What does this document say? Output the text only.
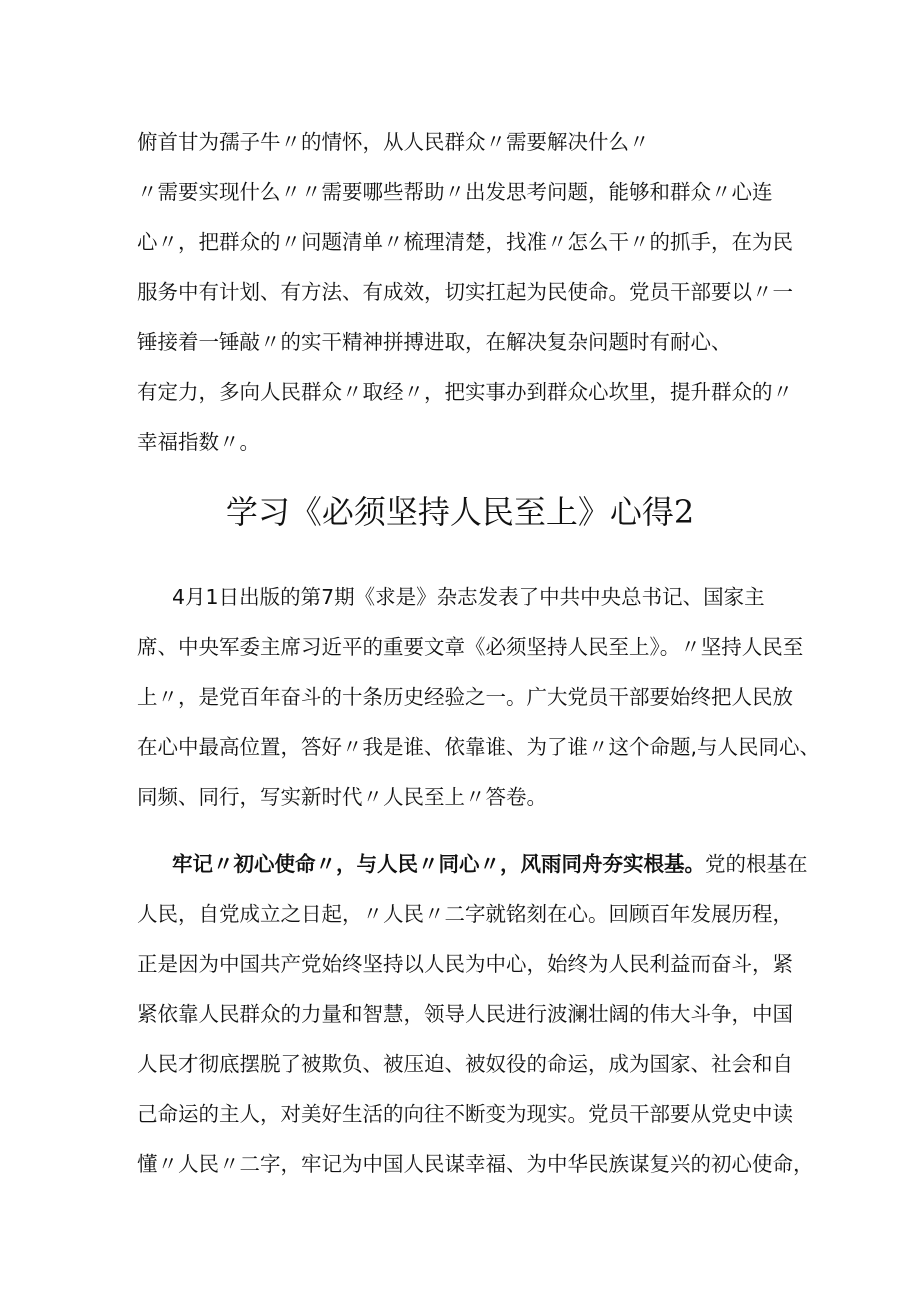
俯首甘为孺子牛〃的情怀，从人民群众〃需要解决什么〃
〃需要实现什么〃〃需要哪些帮助〃出发思考问题，能够和群众〃心连
心〃，把群众的〃问题清单〃梳理清楚，找准〃怎么干〃的抓手，在为民
服务中有计划、有方法、有成效，切实扛起为民使命。党员干部要以〃一
锤接着一锤敲〃的实干精神拼搏进取，在解决复杂问题时有耐心、
有定力，多向人民群众〃取经〃，把实事办到群众心坎里，提升群众的〃
幸福指数〃。
学习《必须坚持人民至上》心得2
4月1日出版的第7期《求是》杂志发表了中共中央总书记、国家主
席、中央军委主席习近平的重要文章《必须坚持人民至上》。〃坚持人民至
上〃，是党百年奋斗的十条历史经验之一。广大党员干部要始终把人民放
在心中最高位置，答好〃我是谁、依靠谁、为了谁〃这个命题,与人民同心、
同频、同行，写实新时代〃人民至上〃答卷。
牢记〃初心使命〃，与人民〃同心〃，风雨同舟夯实根基。党的根基在
人民，自党成立之日起，〃人民〃二字就铭刻在心。回顾百年发展历程，
正是因为中国共产党始终坚持以人民为中心，始终为人民利益而奋斗，紧
紧依靠人民群众的力量和智慧，领导人民进行波澜壮阔的伟大斗争，中国
人民才彻底摆脱了被欺负、被压迫、被奴役的命运，成为国家、社会和自
己命运的主人，对美好生活的向往不断变为现实。党员干部要从党史中读
懂〃人民〃二字，牢记为中国人民谋幸福、为中华民族谋复兴的初心使命，
